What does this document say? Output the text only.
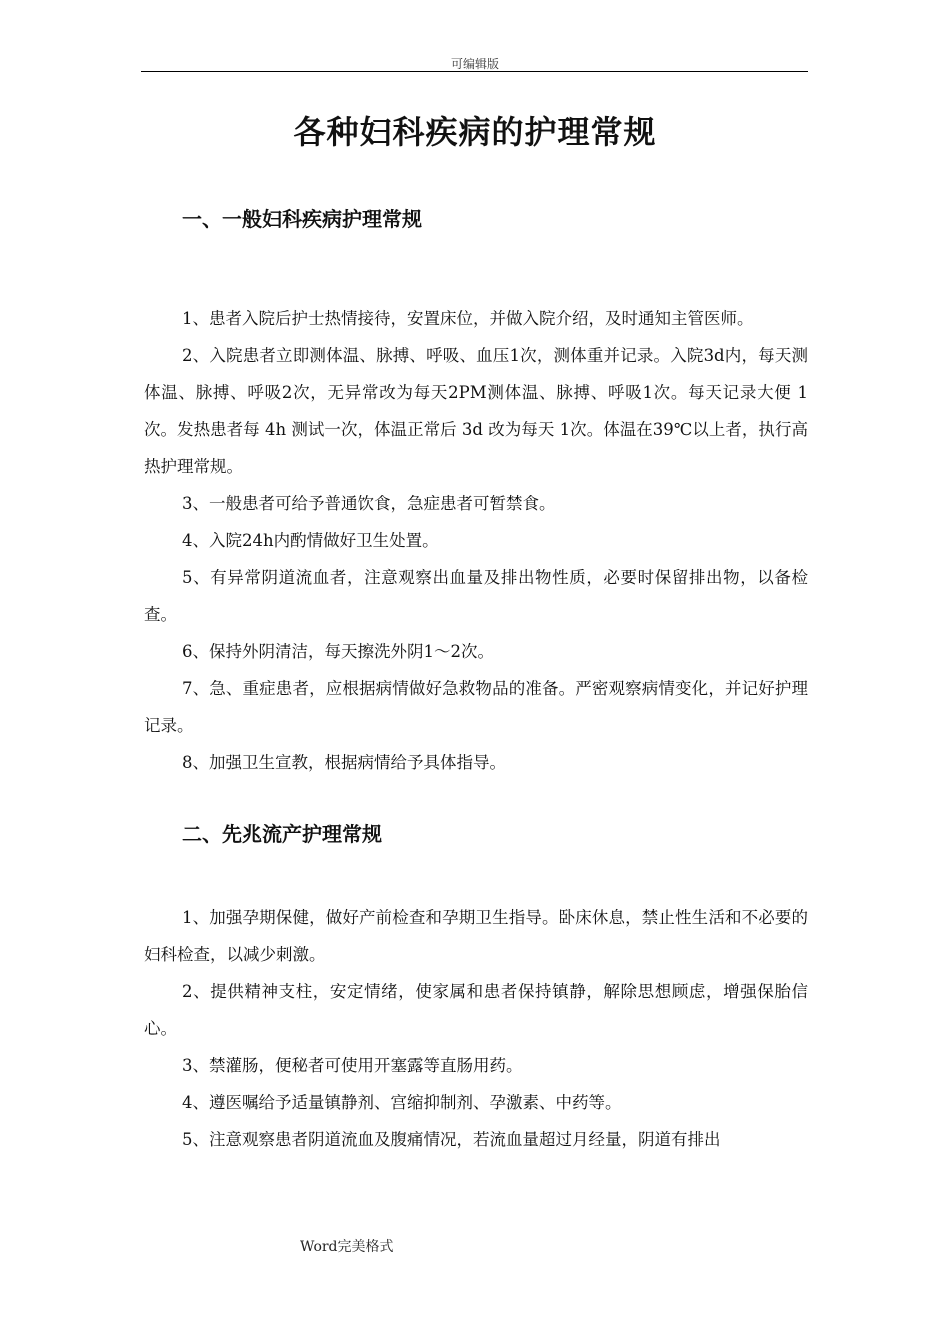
可编辑版
各种妇科疾病的护理常规
一、一般妇科疾病护理常规

1、患者入院后护士热情接待，安置床位，并做入院介绍，及时通知主管医师。

2、入院患者立即测体温、脉搏、呼吸、血压1次，测体重并记录。入院3d内，每天测体温、脉搏、呼吸2次，无异常改为每天2PM测体温、脉搏、呼吸1次。每天记录大便 1 次。发热患者每 4h 测试一次，体温正常后 3d 改为每天 1次。体温在39℃以上者，执行高热护理常规。

3、一般患者可给予普通饮食，急症患者可暂禁食。

4、入院24h内酌情做好卫生处置。

5、有异常阴道流血者，注意观察出血量及排出物性质，必要时保留排出物，以备检查。

6、保持外阴清洁，每天擦洗外阴1～2次。

7、急、重症患者，应根据病情做好急救物品的准备。严密观察病情变化，并记好护理记录。

8、加强卫生宣教，根据病情给予具体指导。

二、先兆流产护理常规

1、加强孕期保健，做好产前检查和孕期卫生指导。卧床休息，禁止性生活和不必要的妇科检查，以减少刺激。

2、提供精神支柱，安定情绪，使家属和患者保持镇静，解除思想顾虑，增强保胎信心。

3、禁灌肠，便秘者可使用开塞露等直肠用药。

4、遵医嘱给予适量镇静剂、宫缩抑制剂、孕激素、中药等。

5、注意观察患者阴道流血及腹痛情况，若流血量超过月经量，阴道有排出

Word完美格式
